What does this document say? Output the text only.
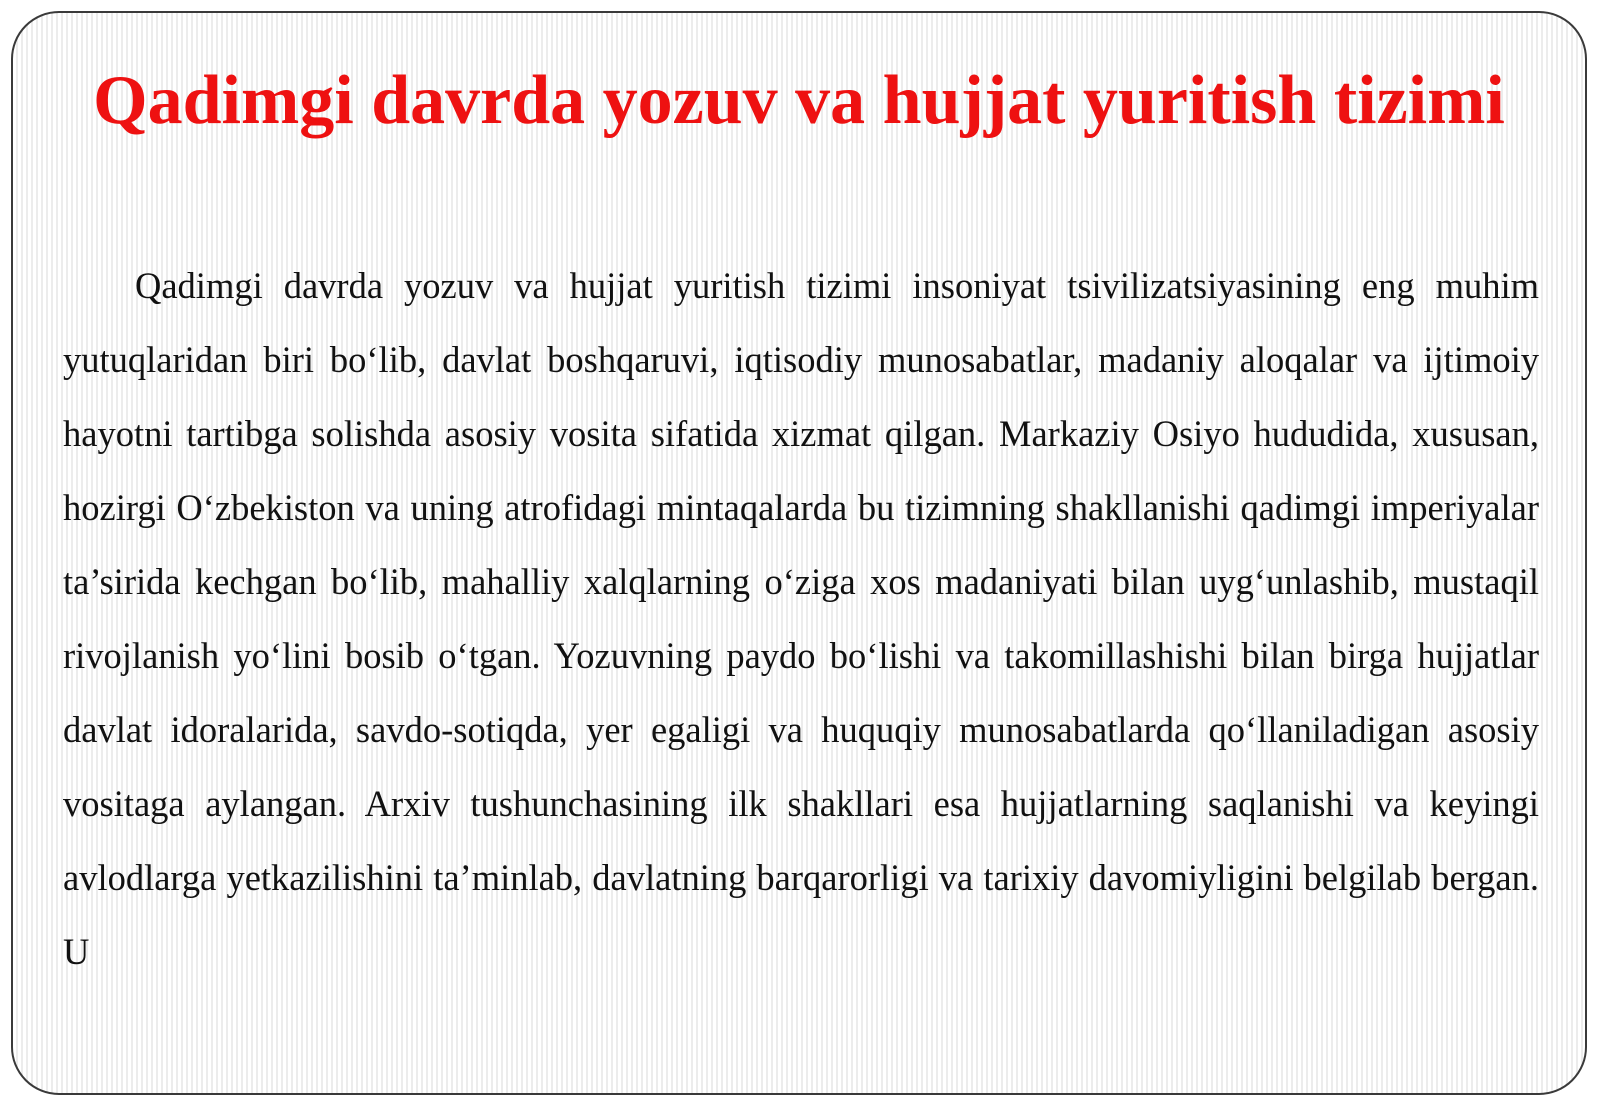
Qadimgi davrda yozuv va hujjat yuritish tizimi

Qadimgi davrda yozuv va hujjat yuritish tizimi insoniyat tsivilizatsiyasining eng muhim yutuqlaridan biri bo‘lib, davlat boshqaruvi, iqtisodiy munosabatlar, madaniy aloqalar va ijtimoiy hayotni tartibga solishda asosiy vosita sifatida xizmat qilgan. Markaziy Osiyo hududida, xususan, hozirgi O‘zbekiston va uning atrofidagi mintaqalarda bu tizimning shakllanishi qadimgi imperiyalar ta’sirida kechgan bo‘lib, mahalliy xalqlarning o‘ziga xos madaniyati bilan uyg‘unlashib, mustaqil rivojlanish yo‘lini bosib o‘tgan. Yozuvning paydo bo‘lishi va takomillashishi bilan birga hujjatlar davlat idoralarida, savdo-sotiqda, yer egaligi va huquqiy munosabatlarda qo‘llaniladigan asosiy vositaga aylangan. Arxiv tushunchasining ilk shakllari esa hujjatlarning saqlanishi va keyingi avlodlarga yetkazilishini ta’minlab, davlatning barqarorligi va tarixiy davomiyligini belgilab bergan. U
